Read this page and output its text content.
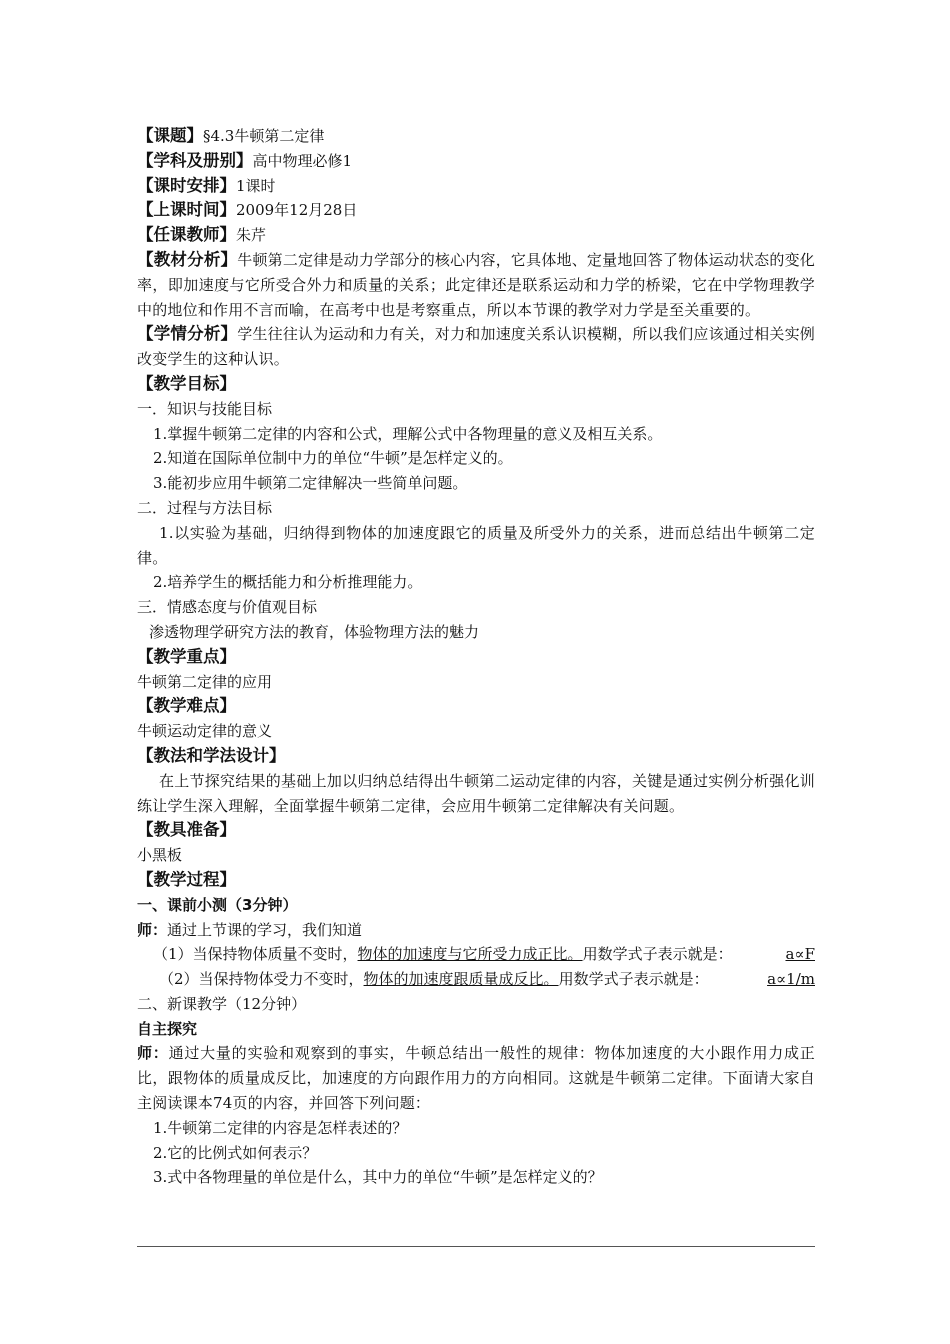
【课题】§4.3牛顿第二定律
【学科及册别】高中物理必修1
【课时安排】1课时
【上课时间】2009年12月28日
【任课教师】朱芹
【教材分析】牛顿第二定律是动力学部分的核心内容，它具体地、定量地回答了物体运动状态的变化率，即加速度与它所受合外力和质量的关系；此定律还是联系运动和力学的桥梁，它在中学物理教学中的地位和作用不言而喻，在高考中也是考察重点，所以本节课的教学对力学是至关重要的。
【学情分析】学生往往认为运动和力有关，对力和加速度关系认识模糊，所以我们应该通过相关实例改变学生的这种认识。
【教学目标】
一．知识与技能目标
1.掌握牛顿第二定律的内容和公式，理解公式中各物理量的意义及相互关系。
2.知道在国际单位制中力的单位“牛顿”是怎样定义的。
3.能初步应用牛顿第二定律解决一些简单问题。
二．过程与方法目标
1.以实验为基础，归纳得到物体的加速度跟它的质量及所受外力的关系，进而总结出牛顿第二定律。
2.培养学生的概括能力和分析推理能力。
三．情感态度与价值观目标
渗透物理学研究方法的教育，体验物理方法的魅力
【教学重点】
牛顿第二定律的应用
【教学难点】
牛顿运动定律的意义
【教法和学法设计】
在上节探究结果的基础上加以归纳总结得出牛顿第二运动定律的内容，关键是通过实例分析强化训练让学生深入理解，全面掌握牛顿第二定律，会应用牛顿第二定律解决有关问题。
【教具准备】
小黑板
【教学过程】
一、课前小测（3分钟）
师：通过上节课的学习，我们知道
（1）当保持物体质量不变时，物体的加速度与它所受力成正比。用数学式子表示就是：	a∝F
（2）当保持物体受力不变时，物体的加速度跟质量成反比。用数学式子表示就是：	a∝1/m
二、新课教学（12分钟）
自主探究
师：通过大量的实验和观察到的事实，牛顿总结出一般性的规律：物体加速度的大小跟作用力成正比，跟物体的质量成反比，加速度的方向跟作用力的方向相同。这就是牛顿第二定律。下面请大家自主阅读课本74页的内容，并回答下列问题：
1.牛顿第二定律的内容是怎样表述的？
2.它的比例式如何表示？
3.式中各物理量的单位是什么，其中力的单位“牛顿”是怎样定义的？
